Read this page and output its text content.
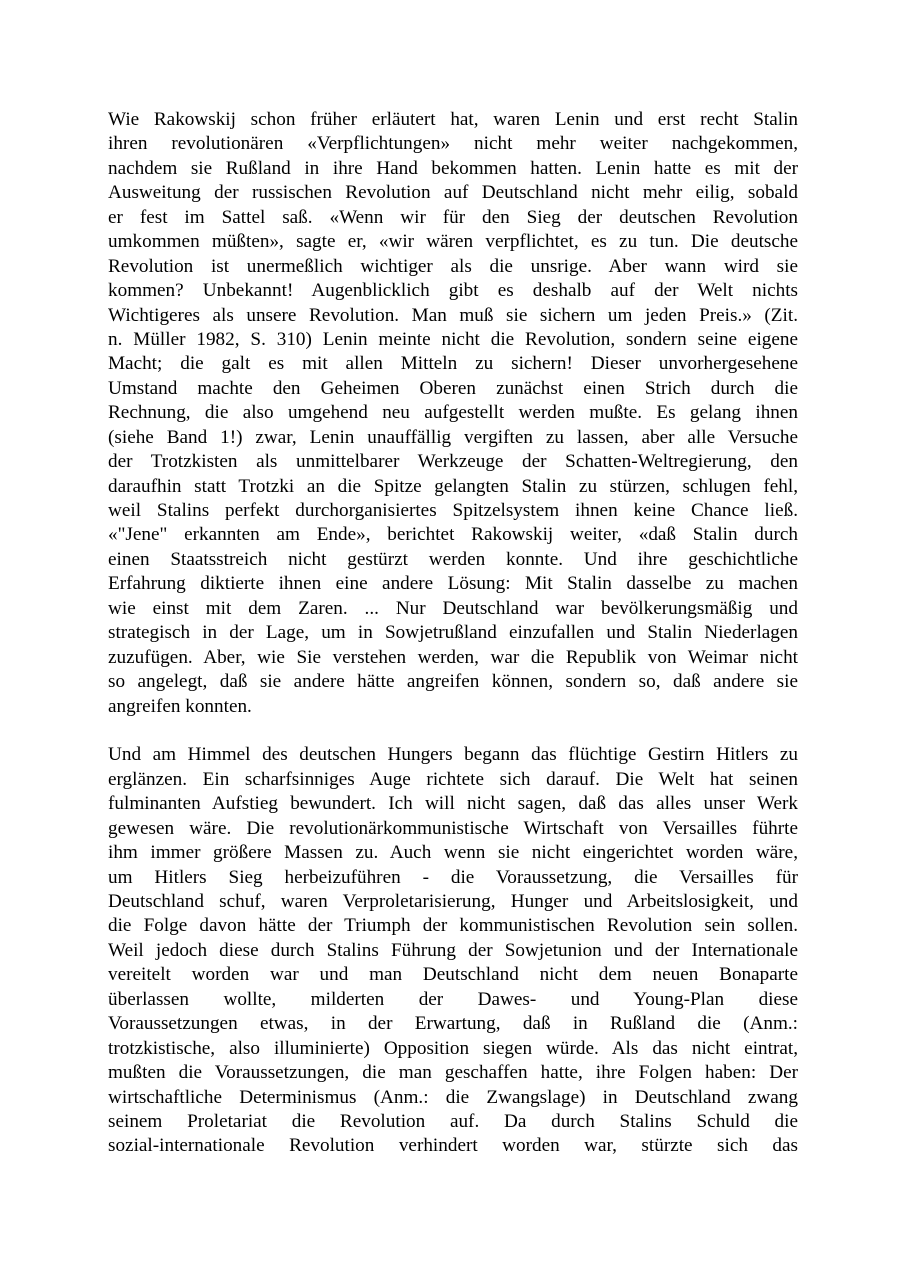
Wie Rakowskij schon früher erläutert hat, waren Lenin und erst recht Stalin
ihren revolutionären «Verpflichtungen» nicht mehr weiter nachgekommen,
nachdem sie Rußland in ihre Hand bekommen hatten. Lenin hatte es mit der
Ausweitung der russischen Revolution auf Deutschland nicht mehr eilig, sobald
er fest im Sattel saß. «Wenn wir für den Sieg der deutschen Revolution
umkommen müßten», sagte er, «wir wären verpflichtet, es zu tun. Die deutsche
Revolution ist unermeßlich wichtiger als die unsrige. Aber wann wird sie
kommen? Unbekannt! Augenblicklich gibt es deshalb auf der Welt nichts
Wichtigeres als unsere Revolution. Man muß sie sichern um jeden Preis.» (Zit.
n. Müller 1982, S. 310) Lenin meinte nicht die Revolution, sondern seine eigene
Macht; die galt es mit allen Mitteln zu sichern! Dieser unvorhergesehene
Umstand machte den Geheimen Oberen zunächst einen Strich durch die
Rechnung, die also umgehend neu aufgestellt werden mußte. Es gelang ihnen
(siehe Band 1!) zwar, Lenin unauffällig vergiften zu lassen, aber alle Versuche
der Trotzkisten als unmittelbarer Werkzeuge der Schatten-Weltregierung, den
daraufhin statt Trotzki an die Spitze gelangten Stalin zu stürzen, schlugen fehl,
weil Stalins perfekt durchorganisiertes Spitzelsystem ihnen keine Chance ließ.
«"Jene" erkannten am Ende», berichtet Rakowskij weiter, «daß Stalin durch
einen Staatsstreich nicht gestürzt werden konnte. Und ihre geschichtliche
Erfahrung diktierte ihnen eine andere Lösung: Mit Stalin dasselbe zu machen
wie einst mit dem Zaren. ... Nur Deutschland war bevölkerungsmäßig und
strategisch in der Lage, um in Sowjetrußland einzufallen und Stalin Niederlagen
zuzufügen. Aber, wie Sie verstehen werden, war die Republik von Weimar nicht
so angelegt, daß sie andere hätte angreifen können, sondern so, daß andere sie
angreifen konnten.
Und am Himmel des deutschen Hungers begann das flüchtige Gestirn Hitlers zu
erglänzen. Ein scharfsinniges Auge richtete sich darauf. Die Welt hat seinen
fulminanten Aufstieg bewundert. Ich will nicht sagen, daß das alles unser Werk
gewesen wäre. Die revolutionärkommunistische Wirtschaft von Versailles führte
ihm immer größere Massen zu. Auch wenn sie nicht eingerichtet worden wäre,
um Hitlers Sieg herbeizuführen - die Voraussetzung, die Versailles für
Deutschland schuf, waren Verproletarisierung, Hunger und Arbeitslosigkeit, und
die Folge davon hätte der Triumph der kommunistischen Revolution sein sollen.
Weil jedoch diese durch Stalins Führung der Sowjetunion und der Internationale
vereitelt worden war und man Deutschland nicht dem neuen Bonaparte
überlassen wollte, milderten der Dawes- und Young-Plan diese
Voraussetzungen etwas, in der Erwartung, daß in Rußland die (Anm.:
trotzkistische, also illuminierte) Opposition siegen würde. Als das nicht eintrat,
mußten die Voraussetzungen, die man geschaffen hatte, ihre Folgen haben: Der
wirtschaftliche Determinismus (Anm.: die Zwangslage) in Deutschland zwang
seinem Proletariat die Revolution auf. Da durch Stalins Schuld die
sozial-internationale Revolution verhindert worden war, stürzte sich das
